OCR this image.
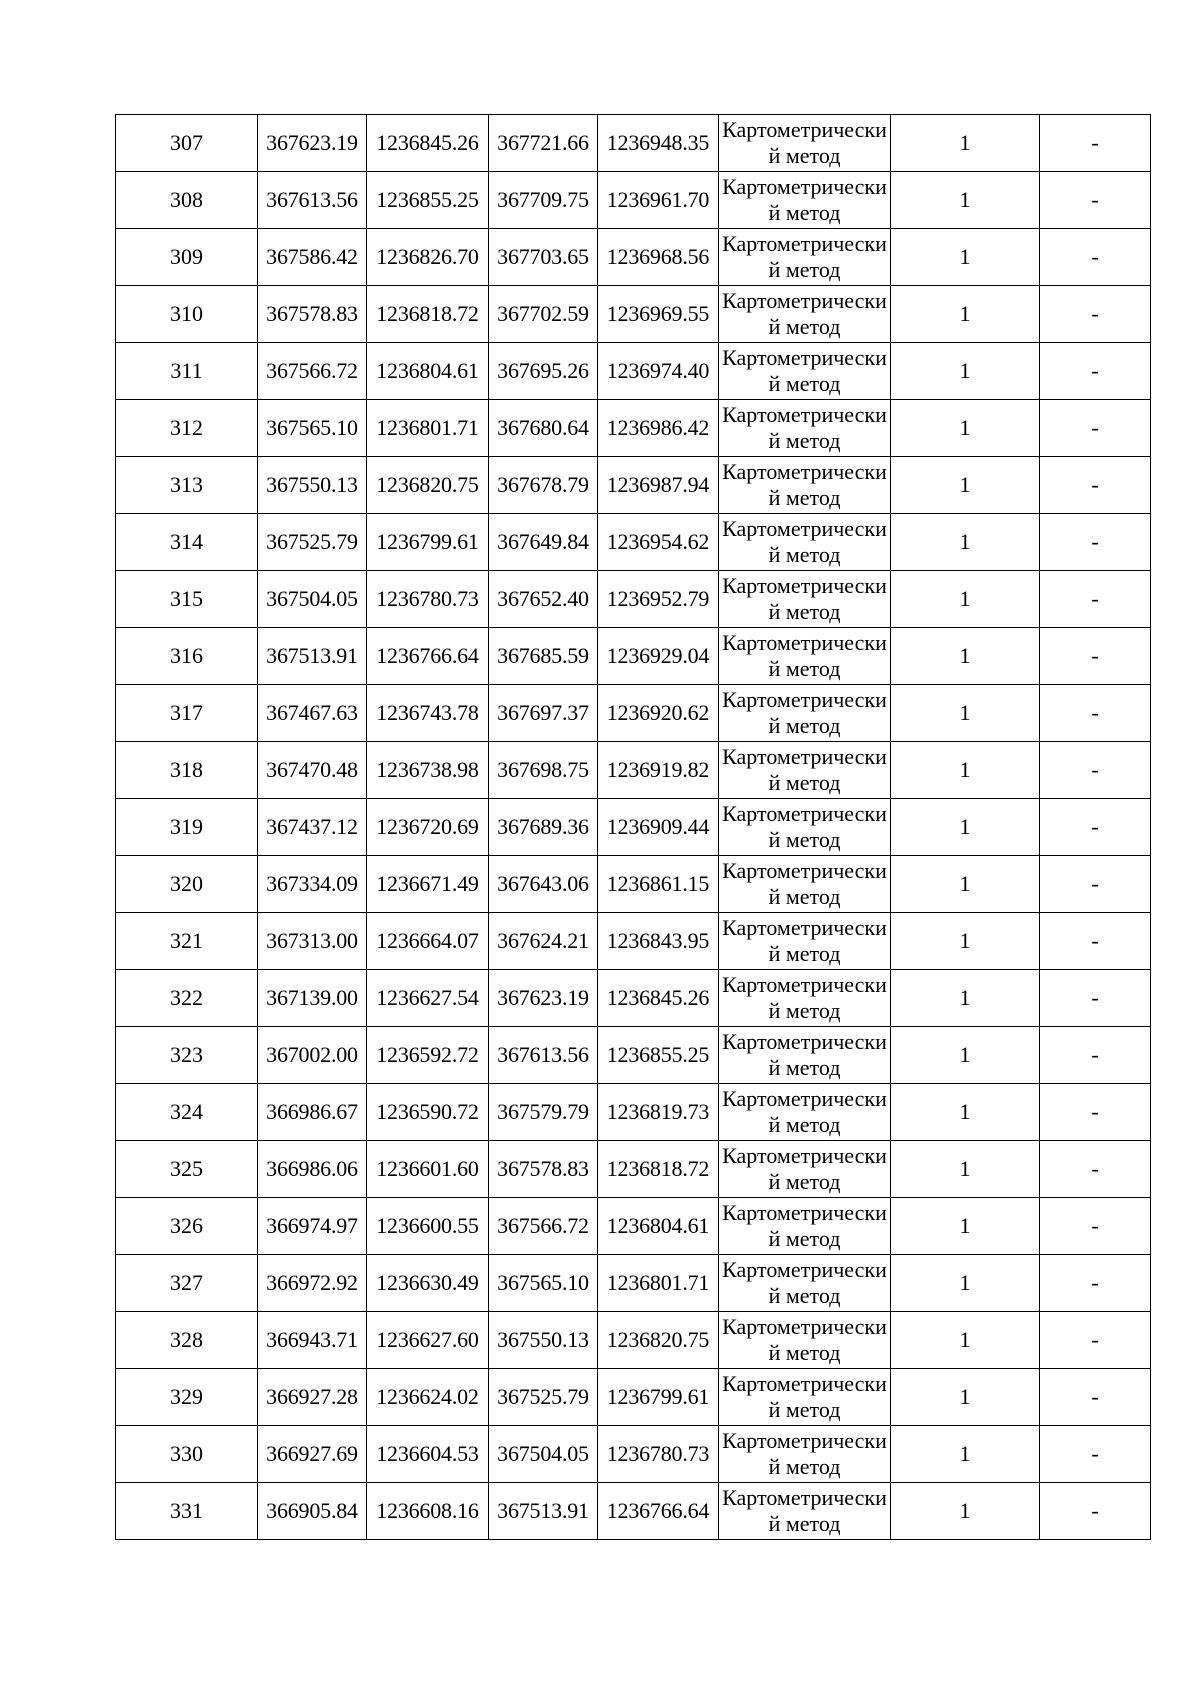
307	367623.19	1236845.26	367721.66	1236948.35	Картометрический метод	1	-
308	367613.56	1236855.25	367709.75	1236961.70	Картометрический метод	1	-
309	367586.42	1236826.70	367703.65	1236968.56	Картометрический метод	1	-
310	367578.83	1236818.72	367702.59	1236969.55	Картометрический метод	1	-
311	367566.72	1236804.61	367695.26	1236974.40	Картометрический метод	1	-
312	367565.10	1236801.71	367680.64	1236986.42	Картометрический метод	1	-
313	367550.13	1236820.75	367678.79	1236987.94	Картометрический метод	1	-
314	367525.79	1236799.61	367649.84	1236954.62	Картометрический метод	1	-
315	367504.05	1236780.73	367652.40	1236952.79	Картометрический метод	1	-
316	367513.91	1236766.64	367685.59	1236929.04	Картометрический метод	1	-
317	367467.63	1236743.78	367697.37	1236920.62	Картометрический метод	1	-
318	367470.48	1236738.98	367698.75	1236919.82	Картометрический метод	1	-
319	367437.12	1236720.69	367689.36	1236909.44	Картометрический метод	1	-
320	367334.09	1236671.49	367643.06	1236861.15	Картометрический метод	1	-
321	367313.00	1236664.07	367624.21	1236843.95	Картометрический метод	1	-
322	367139.00	1236627.54	367623.19	1236845.26	Картометрический метод	1	-
323	367002.00	1236592.72	367613.56	1236855.25	Картометрический метод	1	-
324	366986.67	1236590.72	367579.79	1236819.73	Картометрический метод	1	-
325	366986.06	1236601.60	367578.83	1236818.72	Картометрический метод	1	-
326	366974.97	1236600.55	367566.72	1236804.61	Картометрический метод	1	-
327	366972.92	1236630.49	367565.10	1236801.71	Картометрический метод	1	-
328	366943.71	1236627.60	367550.13	1236820.75	Картометрический метод	1	-
329	366927.28	1236624.02	367525.79	1236799.61	Картометрический метод	1	-
330	366927.69	1236604.53	367504.05	1236780.73	Картометрический метод	1	-
331	366905.84	1236608.16	367513.91	1236766.64	Картометрический метод	1	-
